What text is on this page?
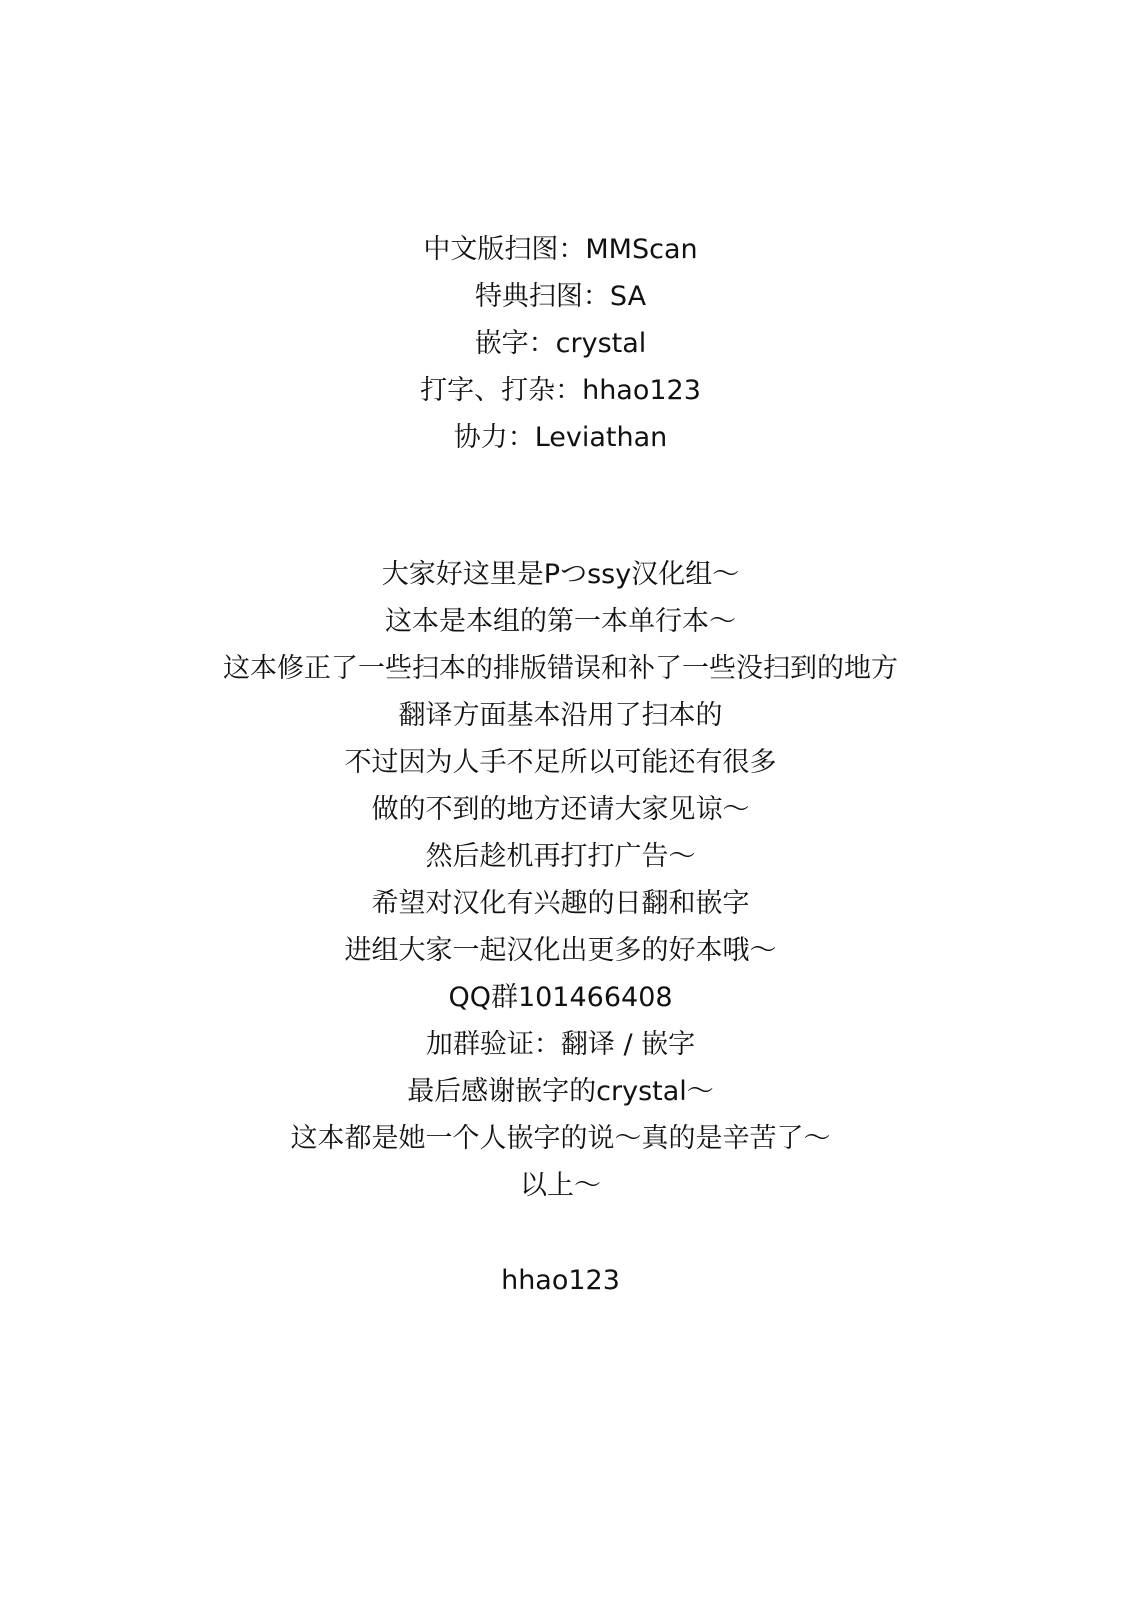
中文版扫图：MMScan
特典扫图：SA
嵌字：crystal
打字、打杂：hhao123
协力：Leviathan
大家好这里是Pつssy汉化组～
这本是本组的第一本单行本～
这本修正了一些扫本的排版错误和补了一些没扫到的地方
翻译方面基本沿用了扫本的
不过因为人手不足所以可能还有很多
做的不到的地方还请大家见谅～
然后趁机再打打广告～
希望对汉化有兴趣的日翻和嵌字
进组大家一起汉化出更多的好本哦～
QQ群101466408
加群验证：翻译 / 嵌字
最后感谢嵌字的crystal～
这本都是她一个人嵌字的说～真的是辛苦了～
以上～
hhao123
